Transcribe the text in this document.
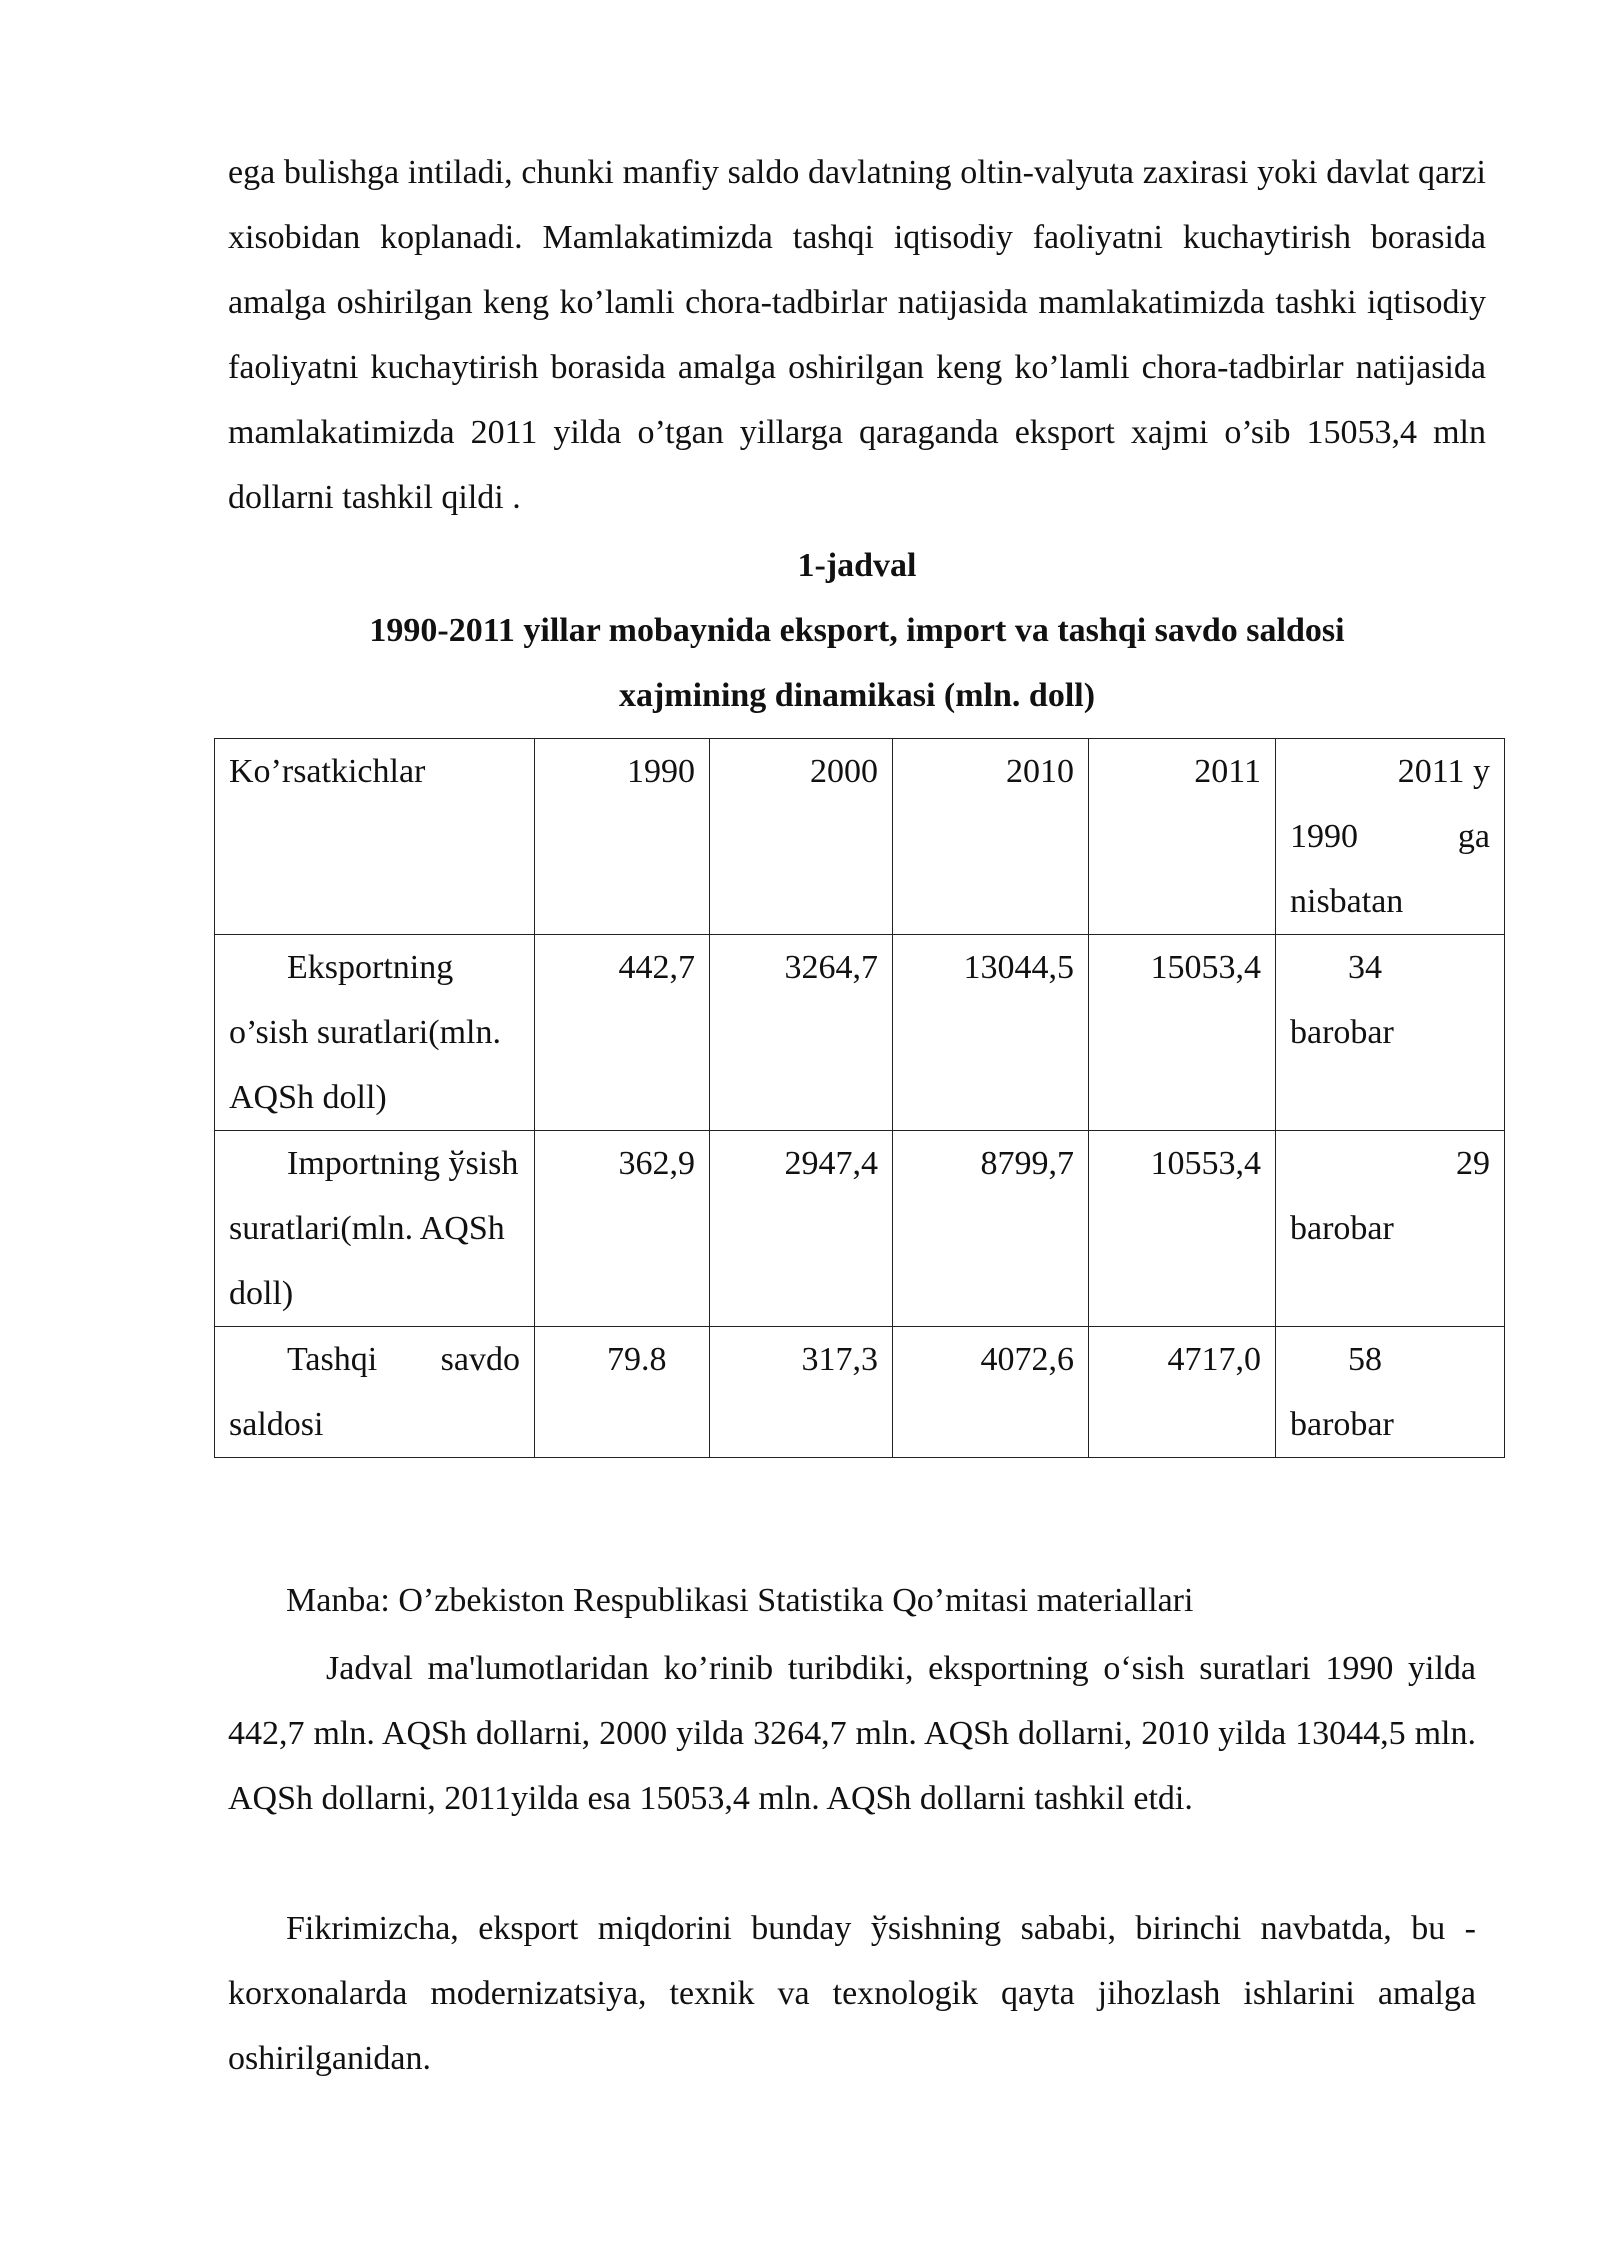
ega bulishga intiladi, chunki manfiy saldo davlatning oltin-valyuta zaxirasi yoki davlat qarzi xisobidan koplanadi. Mamlakatimizda tashqi iqtisodiy faoliyatni kuchaytirish borasida amalga oshirilgan keng ko’lamli chora-tadbirlar natijasida mamlakatimizda tashki iqtisodiy faoliyatni kuchaytirish borasida amalga oshirilgan keng ko’lamli chora-tadbirlar natijasida mamlakatimizda 2011 yilda o’tgan yillarga qaraganda eksport xajmi o’sib 15053,4 mln dollarni tashkil qildi .

1-jadval
1990-2011 yillar mobaynida eksport, import va tashqi savdo saldosi
xajmining dinamikasi (mln. doll)
Ko’rsatkichlar	1990	2000	2010	2011	2011 y
1990 ga
nisbatan

Eksportning o’sish suratlari(mln. AQSh doll)	442,7	3264,7	13044,5	15053,4	34
barobar

Importning ўsish suratlari(mln. AQSh doll)	362,9	2947,4	8799,7	10553,4	29
barobar

Tashqi savdo
saldosi	79.8	317,3	4072,6	4717,0	58
barobar
Manba: O’zbekiston Respublikasi Statistika Qo’mitasi materiallari

Jadval ma'lumotlaridan ko’rinib turibdiki, eksportning o‘sish suratlari 1990 yilda 442,7 mln. AQSh dollarni, 2000 yilda 3264,7 mln. AQSh dollarni, 2010 yilda 13044,5 mln. AQSh dollarni, 2011yilda esa 15053,4 mln. AQSh dollarni tashkil etdi.

Fikrimizcha, eksport miqdorini bunday ўsishning sababi, birinchi navbatda, bu - korxonalarda modernizatsiya, texnik va texnologik qayta jihozlash ishlarini amalga oshirilganidan.
